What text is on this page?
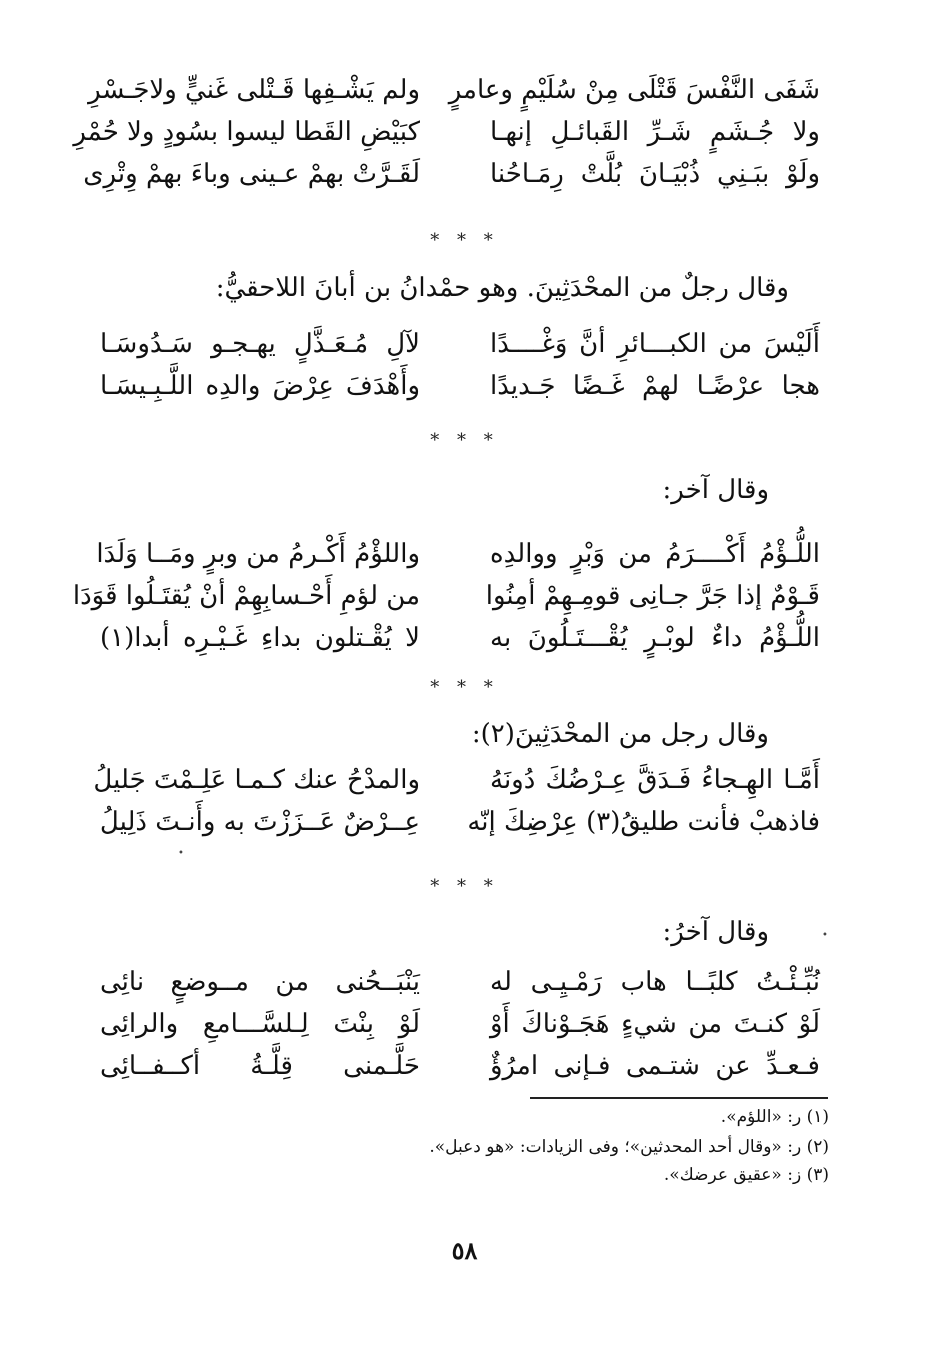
شَفَى النَّفْسَ قَتْلَى مِنْ سُلَيْمٍ وعامرٍ
ولم يَشْـفِها قَـتْلى غَنيٍّ ولاجَـسْرِ
ولا جُـشَمٍ شَـرِّ القَبائـلِ إنهـا
كبَيْضِ القَطا ليسوا بسُودٍ ولا حُمْرِ
ولَوْ ببَـنِي ذُبْيَـانَ بُلَّتْ رِمَـاحُنا
لَقَـرَّتْ بهمْ عـينى وباءَ بهمْ وِتْرِى
* * *
وقال رجلٌ من المحْدَثِينَ. وهو حمْدانُ بن أبانَ اللاحقيُّ:
أَلَيْسَ من الكبـــائرِ أنَّ وَغْــــدًا
لآلِ مُـعَـذَّلٍ يهـجـو سَـدُوسَـا
هجا عرْضًـا لهمْ غَـضًا جَـديدًا
وأَهْدَفَ عِرْضَ والدِه اللَّـبِـيسَـا
* * *
وقال آخر:
اللُّـؤْمُ أَكْــــرَمُ من وَبْرٍ ووالدِه
واللؤْمُ أَكْـرمُ من وبرٍ ومَــا وَلَدَا
قَـوْمٌ إذا جَرَّ جـانِى قومِـهِمْ أمِنُوا
من لؤمِ أَحْـسابِهِمْ أنْ يُقتَـلُوا قَوَدَا
اللُّـؤْمُ داءٌ لوبْـرٍ يُقْـــتَـلُونَ به
لا يُقْـتلون بداءِ غَـيْـرِه أبدا(١)
* * *
وقال رجل من المحْدَثِينَ(٢):
أَمَّـا الهِـجاءُ فَـدَقَّ عِـرْضُكَ دُونَهُ
والمدْحُ عنك كـمـا عَلِـمْتَ جَليلُ
فاذهبْ فأنت طليقُ(٣) عِرْضِكَ إنّه
عِــرْضٌ عَــزَزْتَ به وأَنـتَ ذَلِيلُ
* * *
وقال آخرُ:
نُبِّـئْـتُ كلبًــا هاب رَمْـيِـى له
يَنْبَــحُنى من مــوضعٍ نائِى
لَوْ كنـتَ من شيءٍ هَجَـوْناكَ أَوْ
لَوْ بِنْتَ لِـلسَّـــامعِ والرائِى
فـعـدِّ عن شتـمى فـإنى امرُؤٌ
حَلَّـمنى قِلَّـةُ أكــفــائِى
(١) ر: «اللؤم».
(٢) ر: «وقال أحد المحدثين»؛ وفى الزيادات: «هو دعبل».
(٣) ز: «عقيق عرضك».
٥٨
•
•
